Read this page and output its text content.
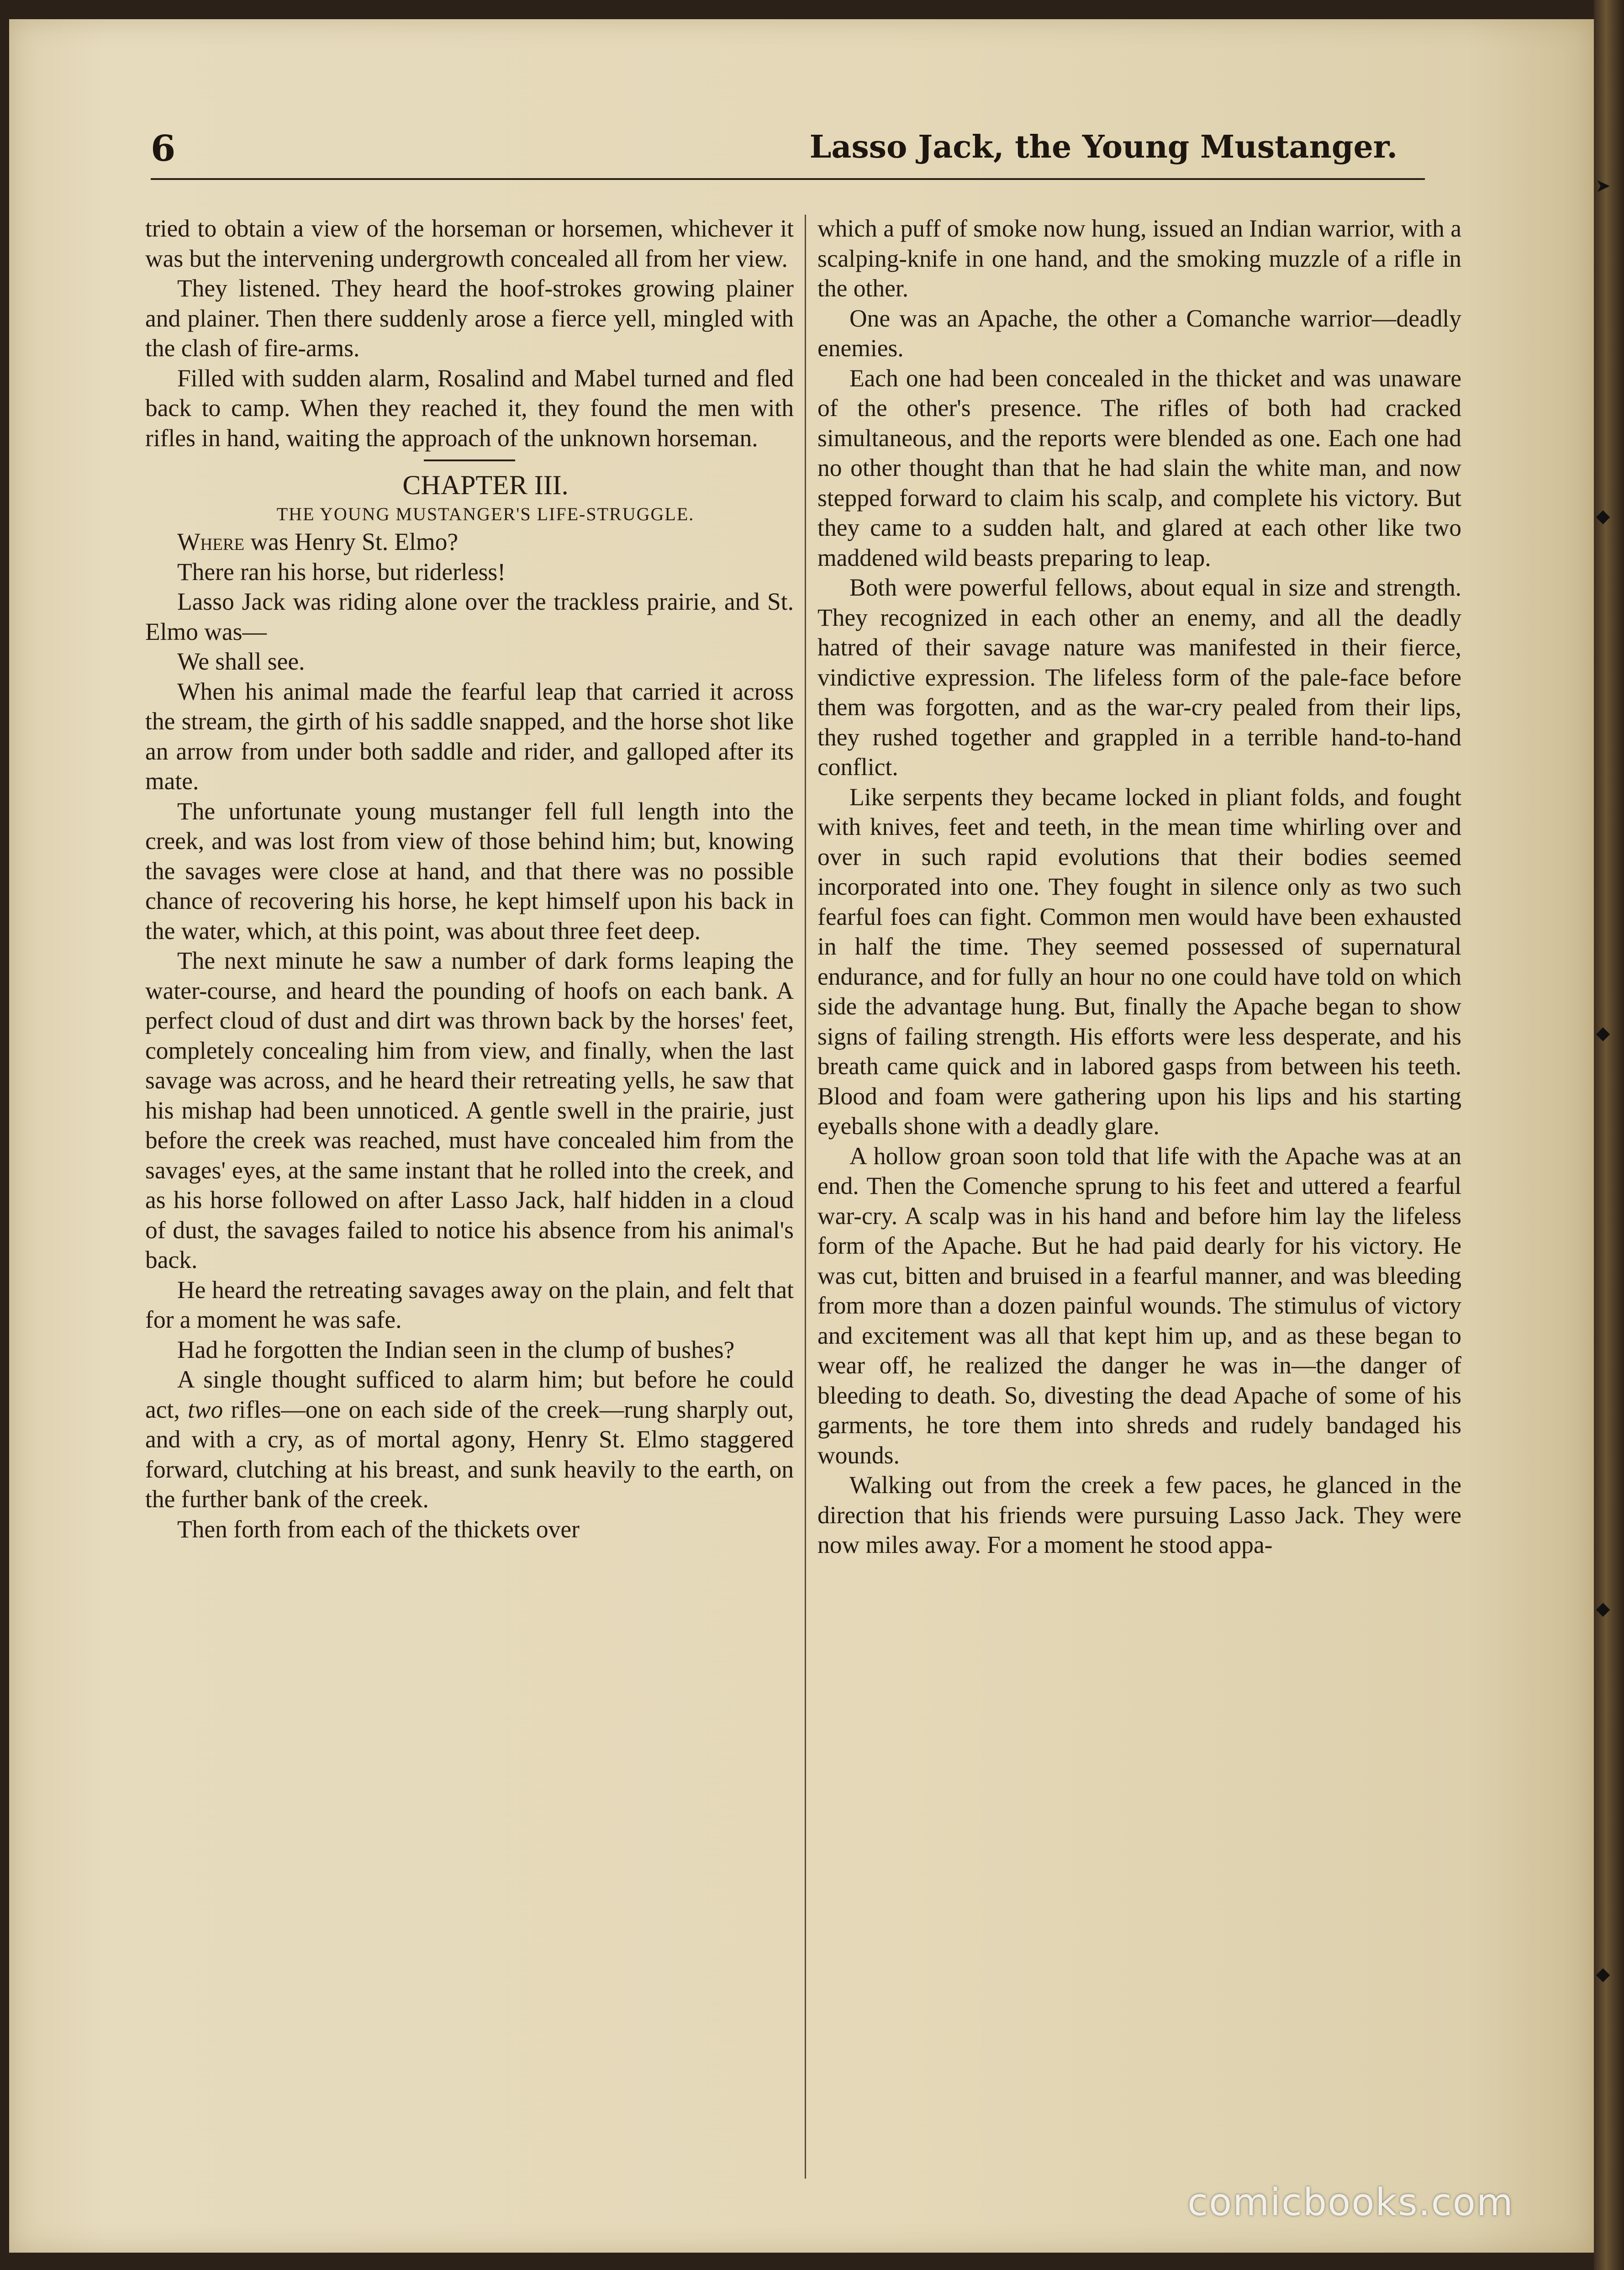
➤
◆
◆
◆
◆
6	Lasso Jack, the Young Mustanger.

tried to obtain a view of the horseman or horsemen, whichever it was but the intervening undergrowth concealed all from her view.

They listened. They heard the hoof-strokes growing plainer and plainer. Then there suddenly arose a fierce yell, mingled with the clash of fire-arms.

Filled with sudden alarm, Rosalind and Mabel turned and fled back to camp. When they reached it, they found the men with rifles in hand, waiting the approach of the unknown horseman.

CHAPTER III.

THE YOUNG MUSTANGER'S LIFE-STRUGGLE.

Where was Henry St. Elmo?

There ran his horse, but riderless!

Lasso Jack was riding alone over the trackless prairie, and St. Elmo was—

We shall see.

When his animal made the fearful leap that carried it across the stream, the girth of his saddle snapped, and the horse shot like an arrow from under both saddle and rider, and galloped after its mate.

The unfortunate young mustanger fell full length into the creek, and was lost from view of those behind him; but, knowing the savages were close at hand, and that there was no possible chance of recovering his horse, he kept himself upon his back in the water, which, at this point, was about three feet deep.

The next minute he saw a number of dark forms leaping the water-course, and heard the pounding of hoofs on each bank. A perfect cloud of dust and dirt was thrown back by the horses' feet, completely concealing him from view, and finally, when the last savage was across, and he heard their retreating yells, he saw that his mishap had been unnoticed. A gentle swell in the prairie, just before the creek was reached, must have concealed him from the savages' eyes, at the same instant that he rolled into the creek, and as his horse followed on after Lasso Jack, half hidden in a cloud of dust, the savages failed to notice his absence from his animal's back.

He heard the retreating savages away on the plain, and felt that for a moment he was safe.

Had he forgotten the Indian seen in the clump of bushes?

A single thought sufficed to alarm him; but before he could act, two rifles—one on each side of the creek—rung sharply out, and with a cry, as of mortal agony, Henry St. Elmo staggered forward, clutching at his breast, and sunk heavily to the earth, on the further bank of the creek.

Then forth from each of the thickets over

which a puff of smoke now hung, issued an Indian warrior, with a scalping-knife in one hand, and the smoking muzzle of a rifle in the other.

One was an Apache, the other a Comanche warrior—deadly enemies.

Each one had been concealed in the thicket and was unaware of the other's presence. The rifles of both had cracked simultaneous, and the reports were blended as one. Each one had no other thought than that he had slain the white man, and now stepped forward to claim his scalp, and complete his victory. But they came to a sudden halt, and glared at each other like two maddened wild beasts preparing to leap.

Both were powerful fellows, about equal in size and strength. They recognized in each other an enemy, and all the deadly hatred of their savage nature was manifested in their fierce, vindictive expression. The lifeless form of the pale-face before them was forgotten, and as the war-cry pealed from their lips, they rushed together and grappled in a terrible hand-to-hand conflict.

Like serpents they became locked in pliant folds, and fought with knives, feet and teeth, in the mean time whirling over and over in such rapid evolutions that their bodies seemed incorporated into one. They fought in silence only as two such fearful foes can fight. Common men would have been exhausted in half the time. They seemed possessed of supernatural endurance, and for fully an hour no one could have told on which side the advantage hung. But, finally the Apache began to show signs of failing strength. His efforts were less desperate, and his breath came quick and in labored gasps from between his teeth. Blood and foam were gathering upon his lips and his starting eyeballs shone with a deadly glare.

A hollow groan soon told that life with the Apache was at an end. Then the Comenche sprung to his feet and uttered a fearful war-cry. A scalp was in his hand and before him lay the lifeless form of the Apache. But he had paid dearly for his victory. He was cut, bitten and bruised in a fearful manner, and was bleeding from more than a dozen painful wounds. The stimulus of victory and excitement was all that kept him up, and as these began to wear off, he realized the danger he was in—the danger of bleeding to death. So, divesting the dead Apache of some of his garments, he tore them into shreds and rudely bandaged his wounds.

Walking out from the creek a few paces, he glanced in the direction that his friends were pursuing Lasso Jack. They were now miles away. For a moment he stood appa-

comicbooks.com
